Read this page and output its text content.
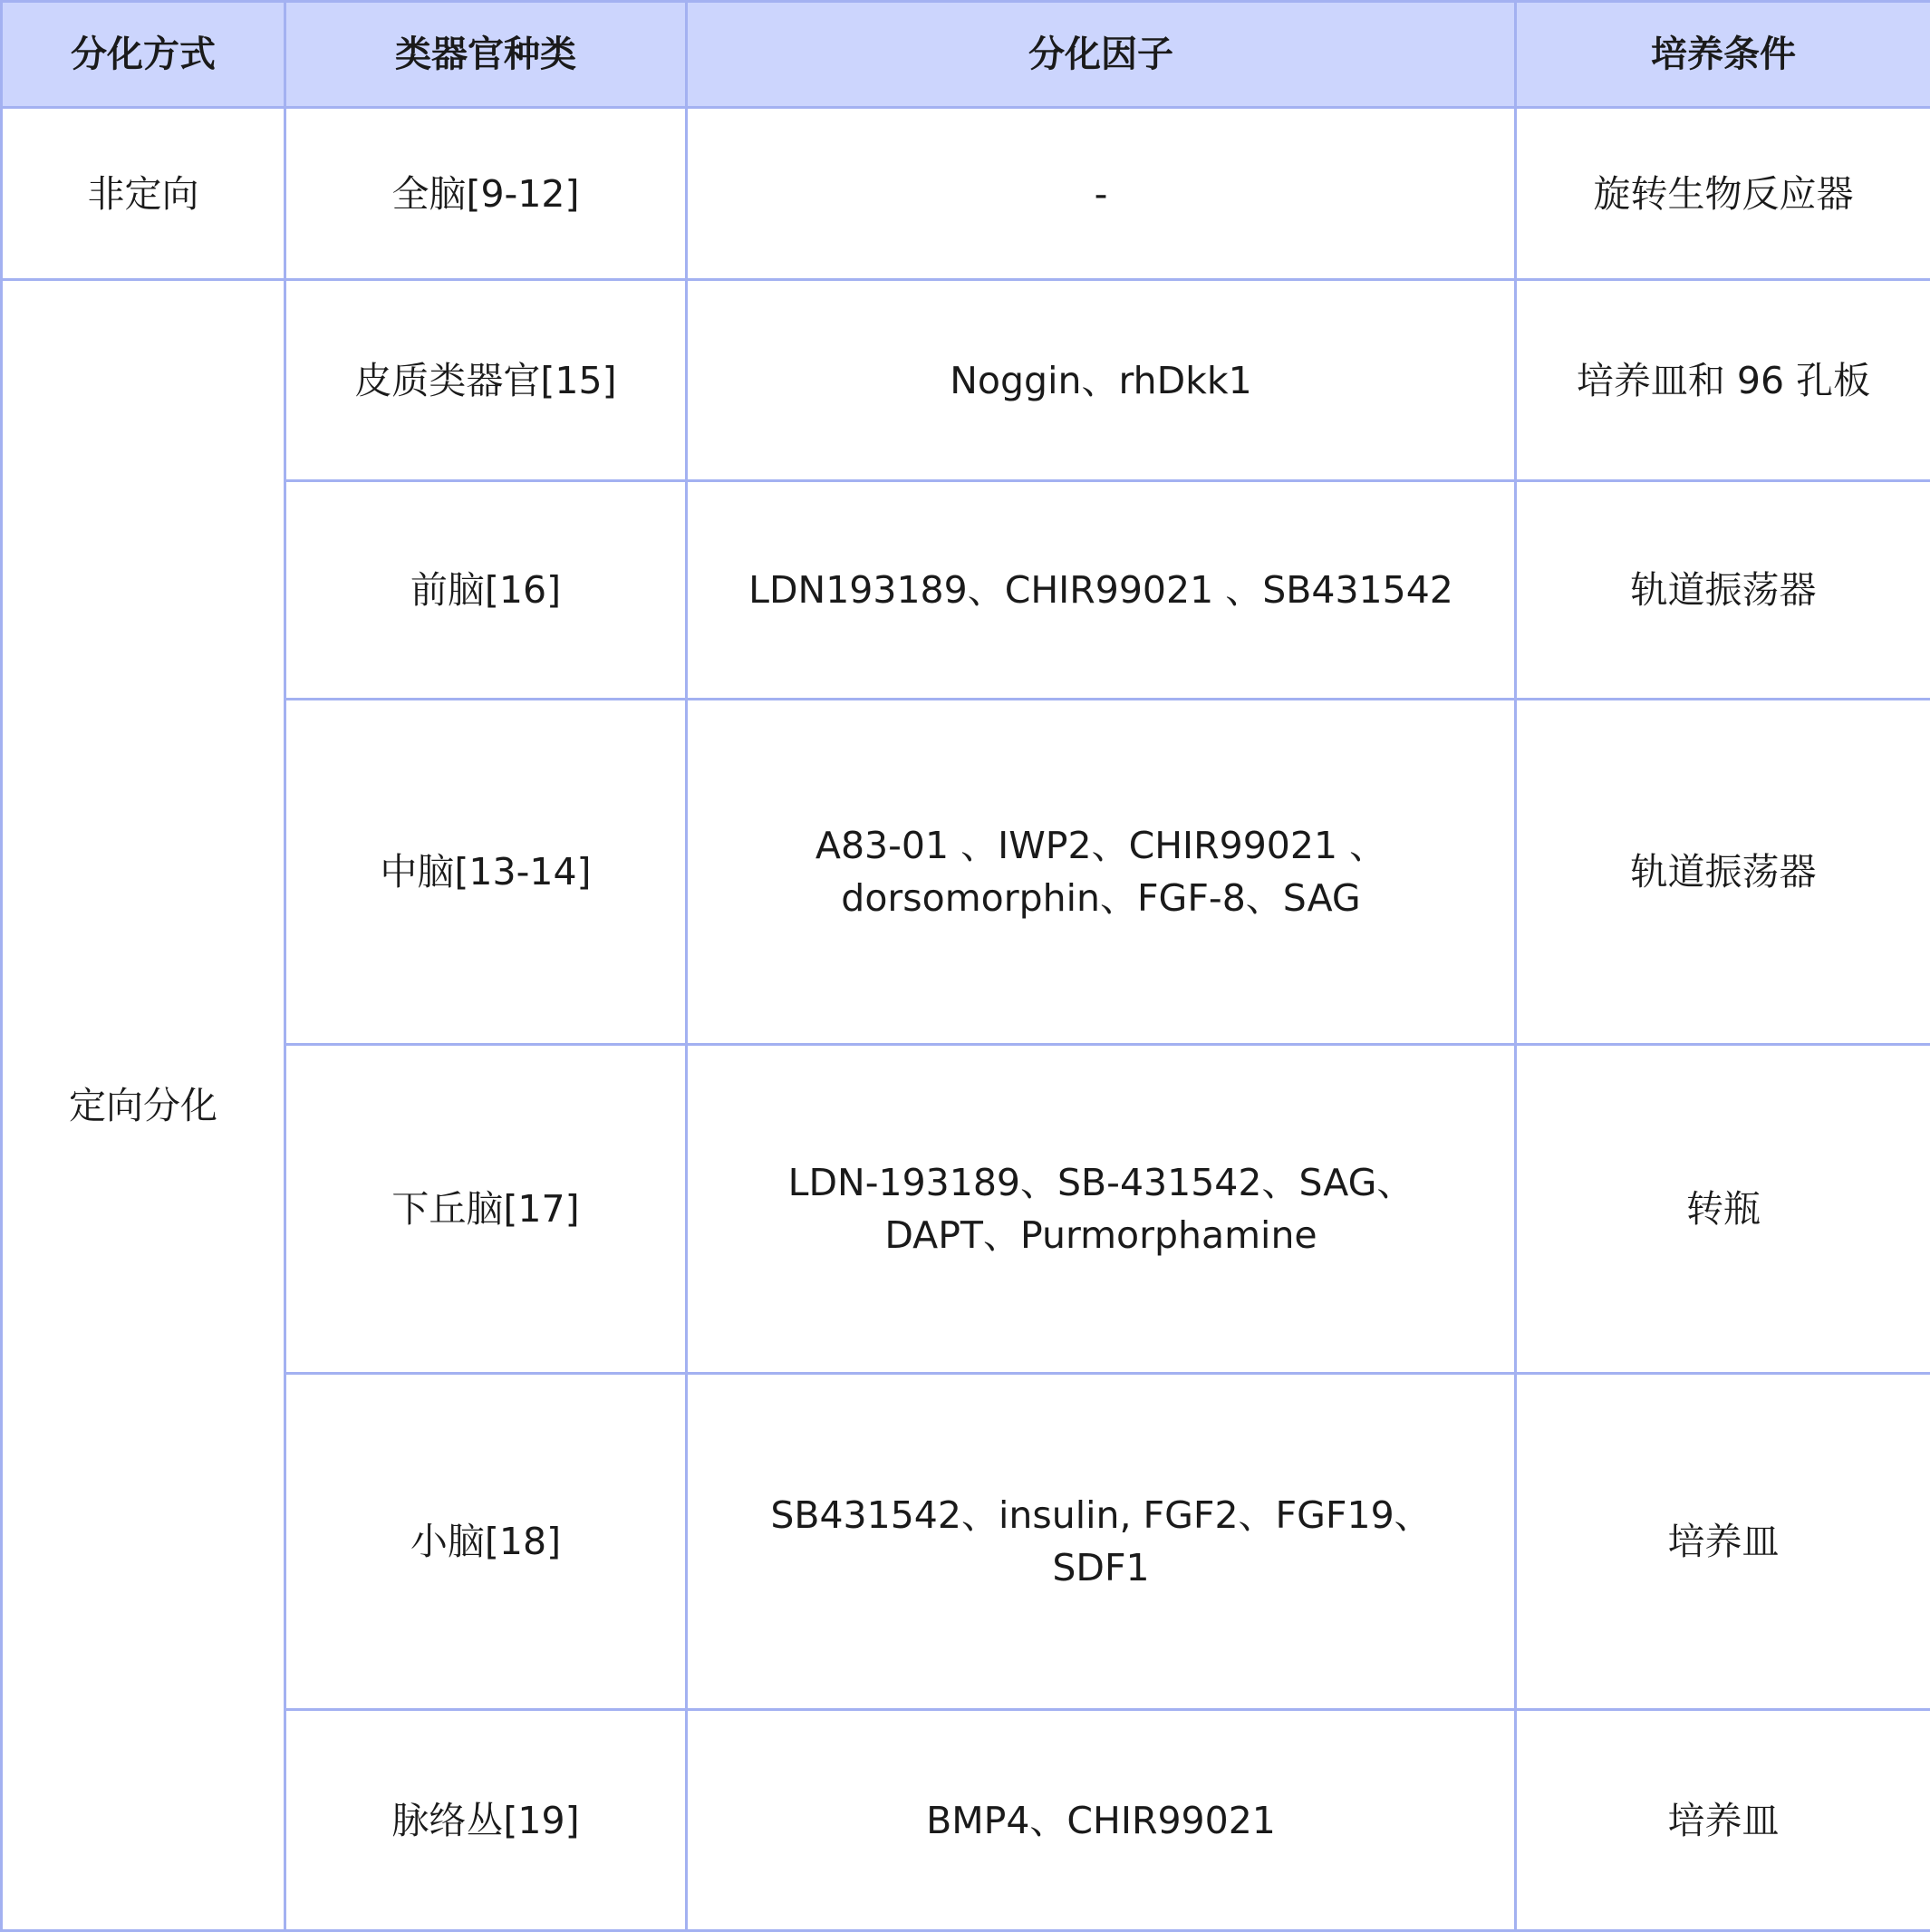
分化方式	类器官种类	分化因子	培养条件
非定向	全脑[9-12]	-	旋转生物反应器
定向分化	皮质类器官[15]	Noggin、rhDkk1	培养皿和 96 孔板
	前脑[16]	LDN193189、CHIR99021 、SB431542	轨道振荡器
	中脑[13-14]	A83-01 、IWP2、CHIR99021 、 dorsomorphin、FGF-8、SAG	轨道振荡器
	下丘脑[17]	LDN-193189、SB-431542、SAG、DAPT、Purmorphamine	转瓶
	小脑[18]	SB431542、insulin, FGF2、FGF19、SDF1	培养皿
	脉络丛[19]	BMP4、CHIR99021	培养皿
